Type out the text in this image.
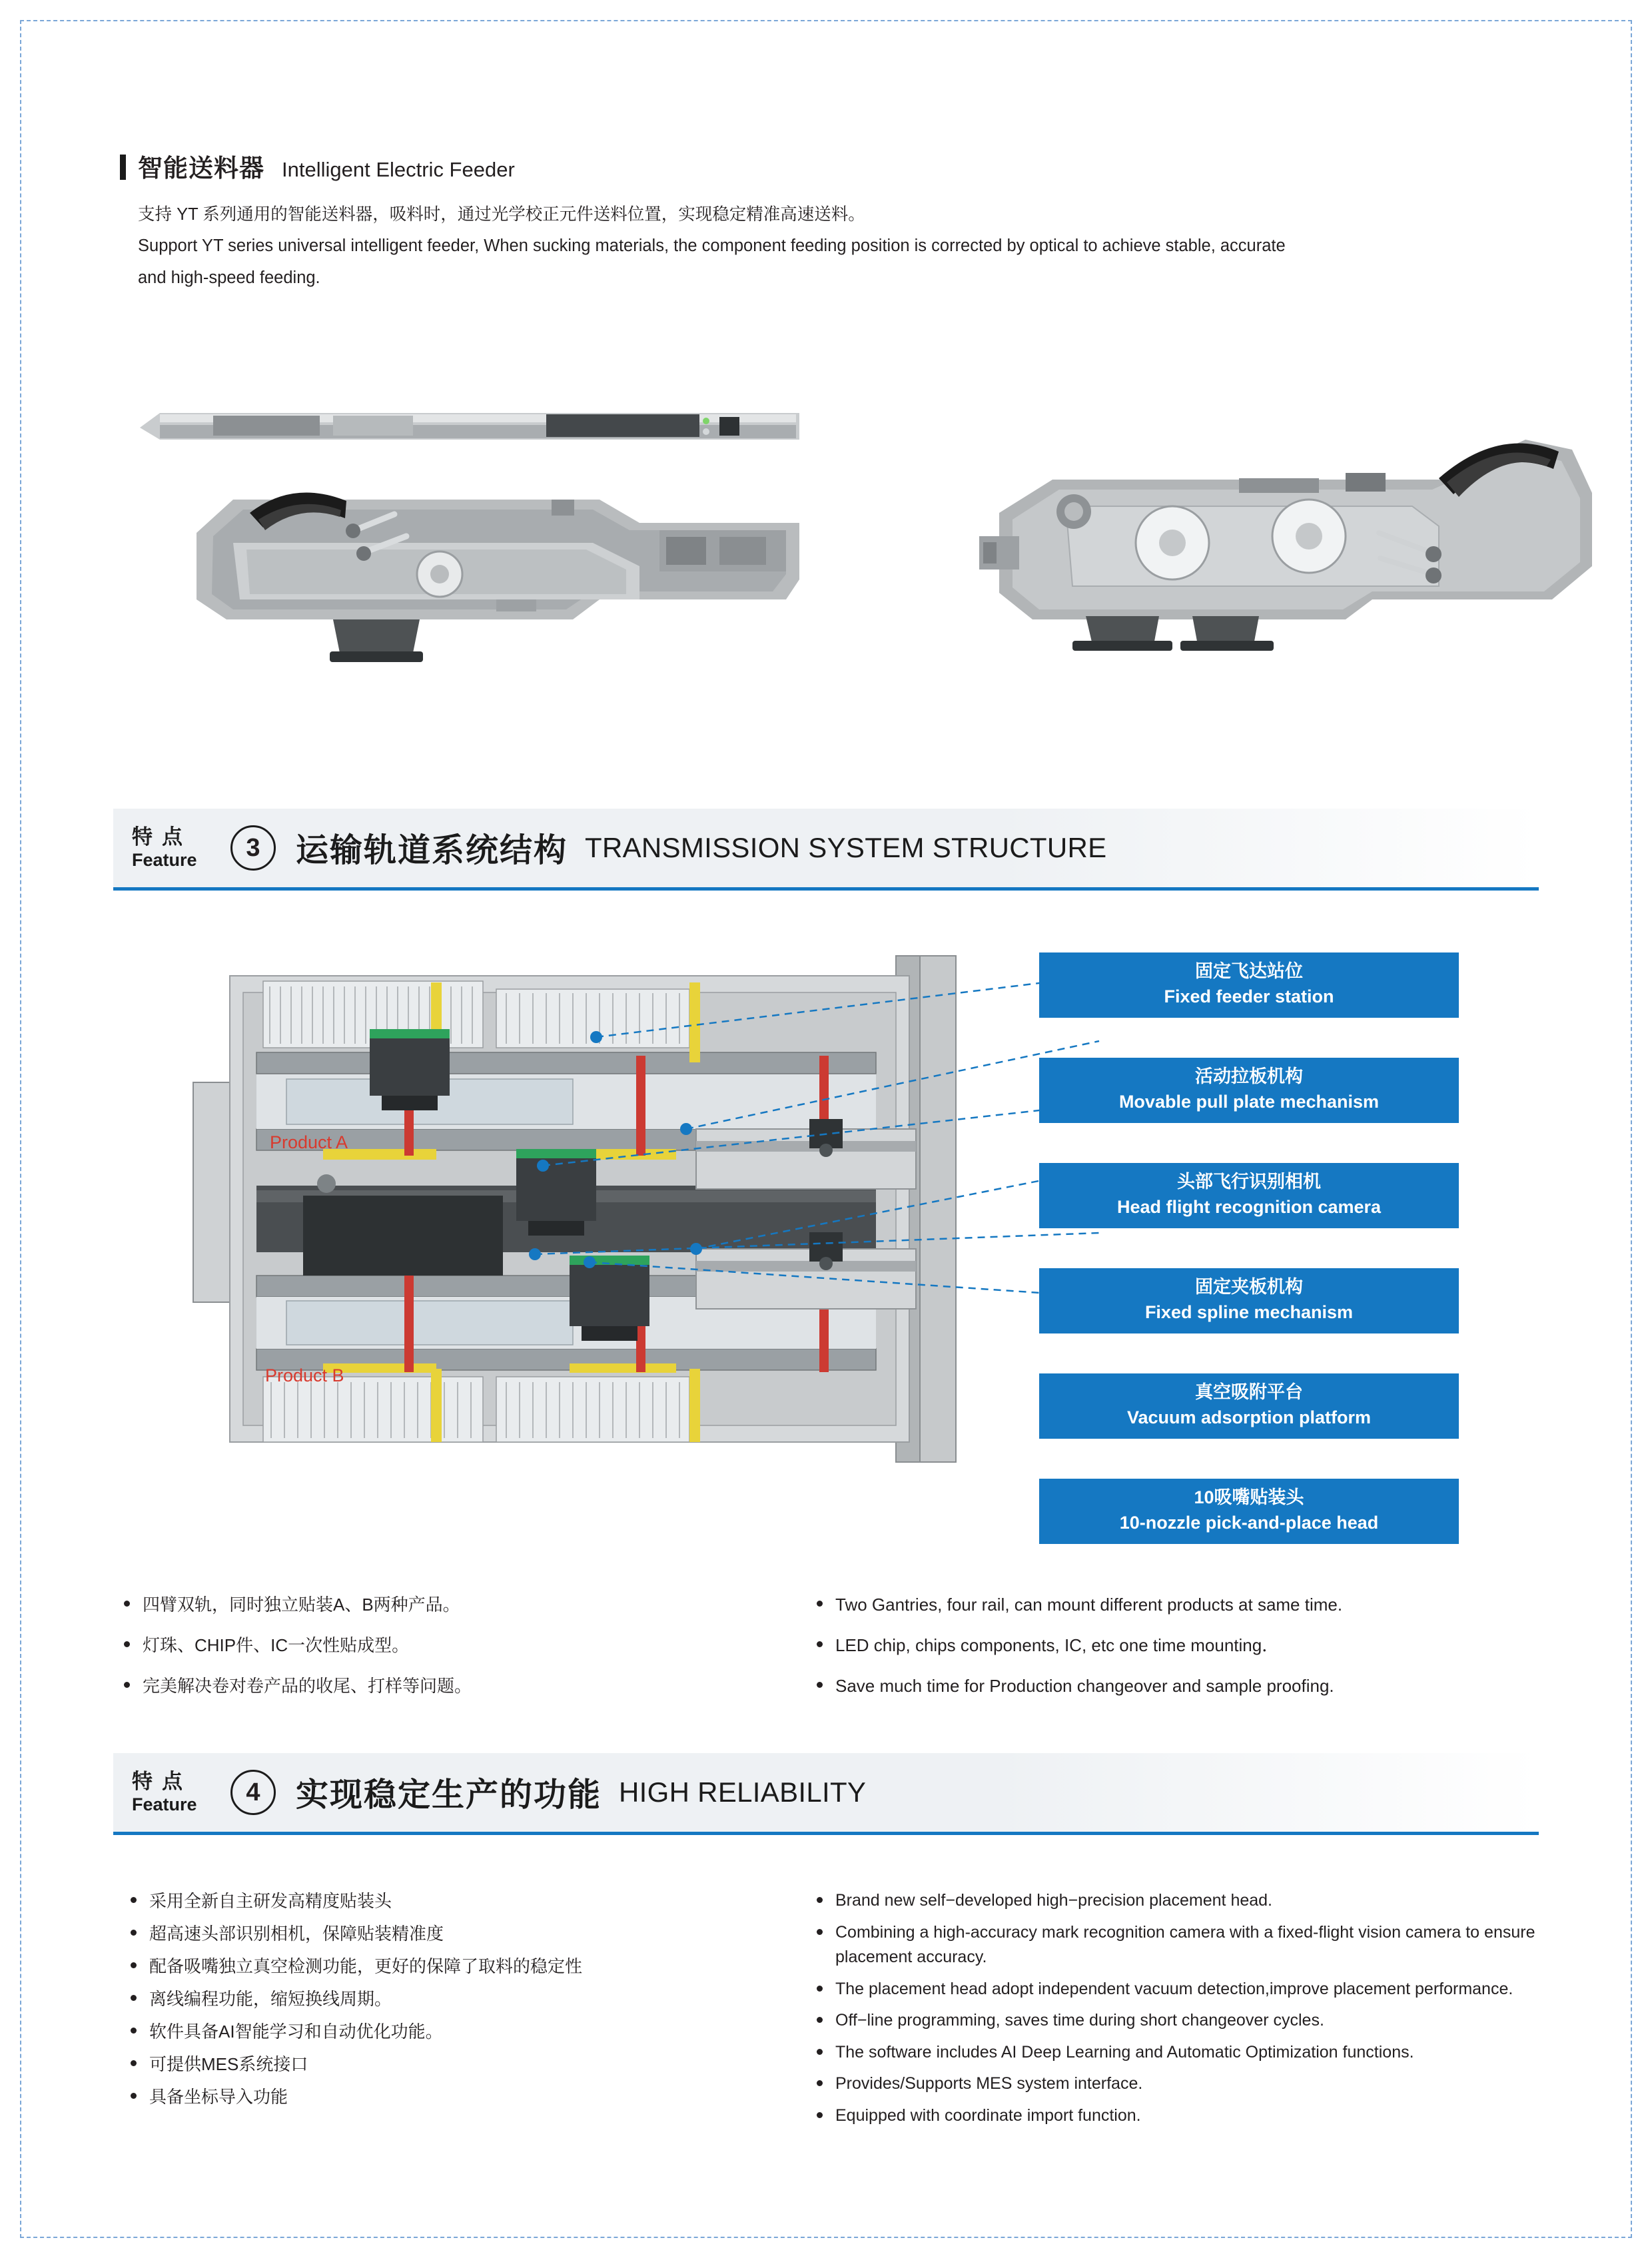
智能送料器 Intelligent Electric Feeder

支持 YT 系列通用的智能送料器，吸料时，通过光学校正元件送料位置，实现稳定精准高速送料。

Support YT series universal intelligent feeder, When sucking materials, the component feeding position is corrected by optical to achieve stable, accurate

and high-speed feeding.

特点
Feature	3	运输轨道系统结构 TRANSMISSION SYSTEM STRUCTURE
Product A
Product B
固定飞达站位
Fixed feeder station
活动拉板机构
Movable pull plate mechanism
头部飞行识别相机
Head flight recognition camera
固定夹板机构
Fixed spline mechanism
真空吸附平台
Vacuum adsorption platform
10吸嘴贴装头
10-nozzle pick-and-place head
四臂双轨，同时独立贴装A、B两种产品。
灯珠、CHIP件、IC一次性贴成型。
完美解决卷对卷产品的收尾、打样等问题。
Two Gantries, four rail, can mount different products at same time.
LED chip, chips components, IC, etc one time mounting．
Save much time for Production changeover and sample proofing.
特点
Feature	4	实现稳定生产的功能 HIGH RELIABILITY
采用全新自主研发高精度贴装头
超高速头部识别相机，保障贴装精准度
配备吸嘴独立真空检测功能，更好的保障了取料的稳定性
离线编程功能，缩短换线周期。
软件具备AI智能学习和自动优化功能。
可提供MES系统接口
具备坐标导入功能
Brand new self−developed high−precision placement head.
Combining a high-accuracy mark recognition camera with a fixed-flight vision camera to ensure placement accuracy.
The placement head adopt independent vacuum detection,improve placement performance.
Off−line programming, saves time during short changeover cycles.
The software includes AI Deep Learning and Automatic Optimization functions.
Provides/Supports MES system interface.
Equipped with coordinate import function.
